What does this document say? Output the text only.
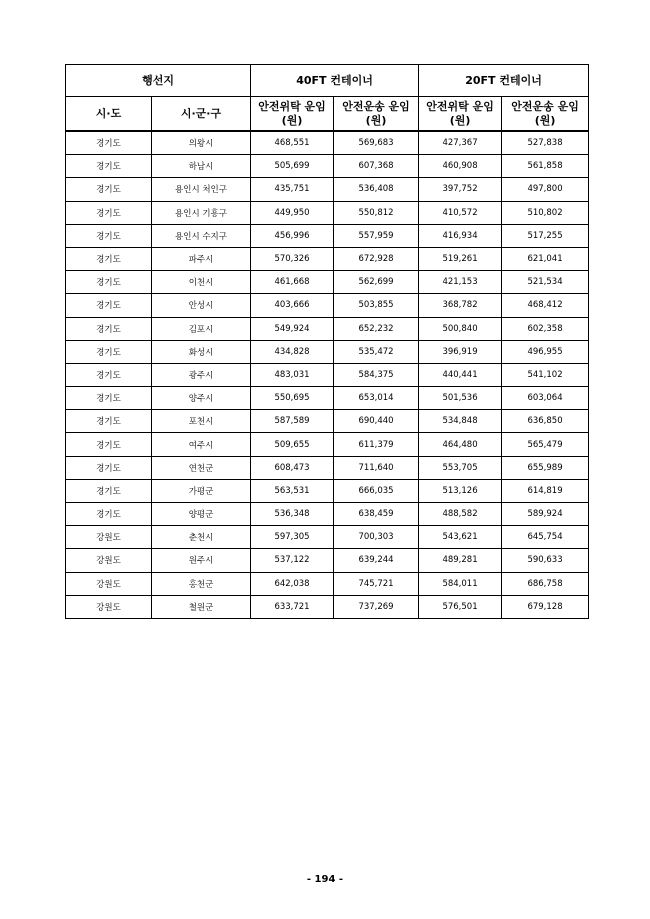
행선지		40FT 컨테이너		20FT 컨테이너	
시·도	시·군·구	안전위탁 운임(원)	안전운송 운임(원)	안전위탁 운임(원)	안전운송 운임(원)
경기도	의왕시	468,551	569,683	427,367	527,838
경기도	하남시	505,699	607,368	460,908	561,858
경기도	용인시 처인구	435,751	536,408	397,752	497,800
경기도	용인시 기흥구	449,950	550,812	410,572	510,802
경기도	용인시 수지구	456,996	557,959	416,934	517,255
경기도	파주시	570,326	672,928	519,261	621,041
경기도	이천시	461,668	562,699	421,153	521,534
경기도	안성시	403,666	503,855	368,782	468,412
경기도	김포시	549,924	652,232	500,840	602,358
경기도	화성시	434,828	535,472	396,919	496,955
경기도	광주시	483,031	584,375	440,441	541,102
경기도	양주시	550,695	653,014	501,536	603,064
경기도	포천시	587,589	690,440	534,848	636,850
경기도	여주시	509,655	611,379	464,480	565,479
경기도	연천군	608,473	711,640	553,705	655,989
경기도	가평군	563,531	666,035	513,126	614,819
경기도	양평군	536,348	638,459	488,582	589,924
강원도	춘천시	597,305	700,303	543,621	645,754
강원도	원주시	537,122	639,244	489,281	590,633
강원도	홍천군	642,038	745,721	584,011	686,758
강원도	철원군	633,721	737,269	576,501	679,128
- 194 -
